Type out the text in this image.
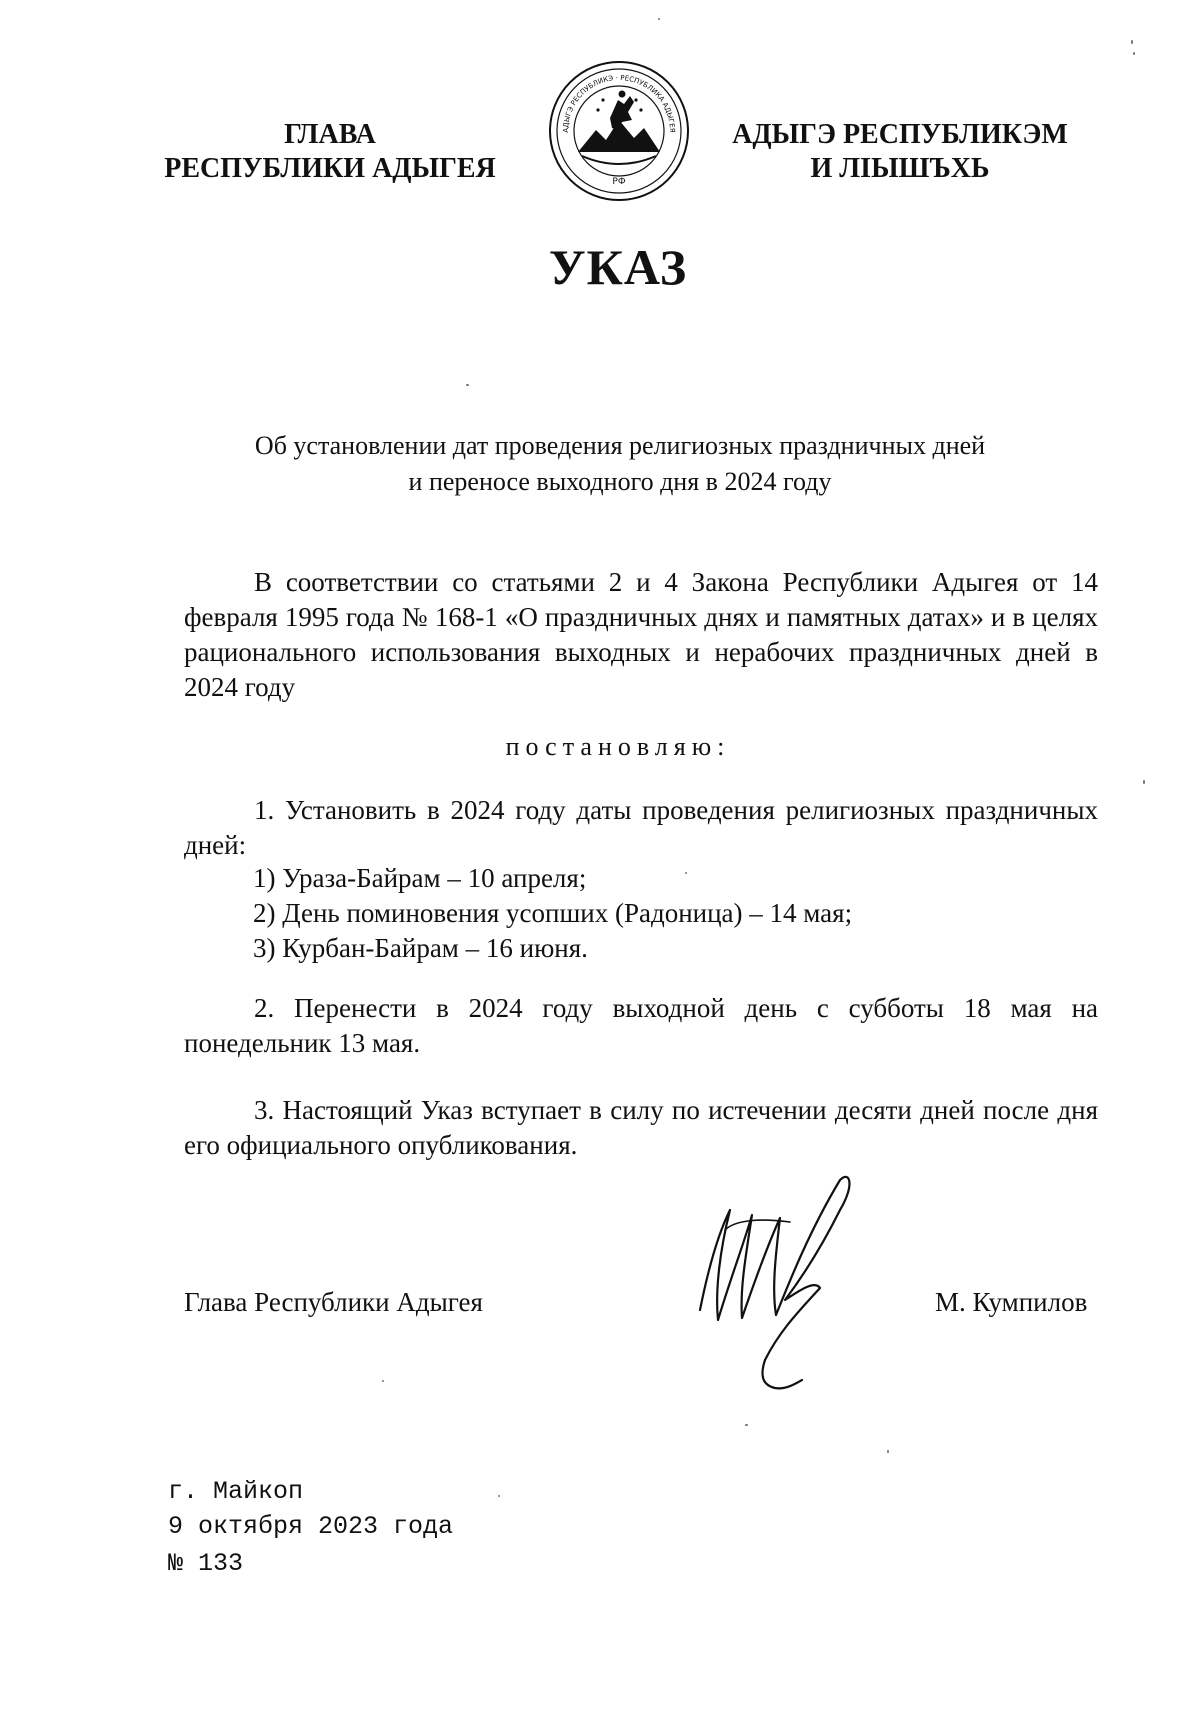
ГЛАВА
РЕСПУБЛИКИ АДЫГЕЯ
АДЫГЭ РЕСПУБЛИКЭ · РЕСПУБЛИКА АДЫГЕЯ
РФ
АДЫГЭ РЕСПУБЛИКЭМ
И ЛIЫШЪХЬ
УКАЗ
Об установлении дат проведения религиозных праздничных дней
и переносе выходного дня в 2024 году
В соответствии со статьями 2 и 4 Закона Республики Адыгея от 14 февраля 1995 года № 168-1 «О праздничных днях и памятных датах» и в целях рационального использования выходных и нерабочих праздничных дней в 2024 году
постановляю:
1. Установить в 2024 году даты проведения религиозных праздничных дней:
1) Ураза-Байрам – 10 апреля;
2) День поминовения усопших (Радоница) – 14 мая;
3) Курбан-Байрам – 16 июня.
2. Перенести в 2024 году выходной день с субботы 18 мая на понедельник 13 мая.
3. Настоящий Указ вступает в силу по истечении десяти дней после дня его официального опубликования.
Глава Республики Адыгея	М. Кумпилов
г. Майкоп
9 октября 2023 года
№ 133
